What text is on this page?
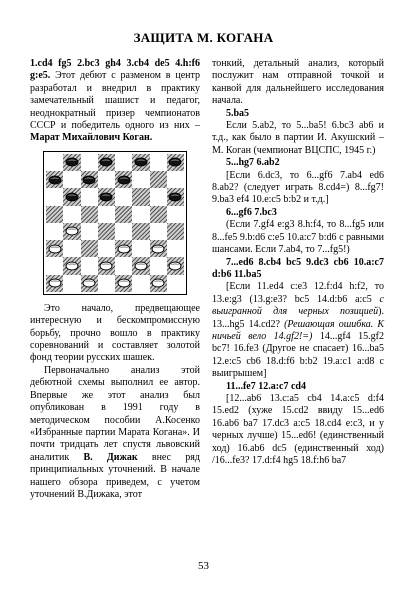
ЗАЩИТА М. КОГАНА

1.cd4 fg5 2.bc3 gh4 3.cb4 de5 4.h:f6 g:e5. Этот дебют с разменом в центр разработал и внедрил в практику замечательный шашист и педагог, неоднократный призер чемпионатов СССР и победитель одного из них – Марат Михайлович Коган.

Это начало, предвещающее интересную и бескомпромиссную борьбу, прочно вошло в практику соревнований и составляет золотой фонд теории русских шашек.

Первоначально анализ этой дебютной схемы выполнил ее автор. Впервые же этот анализ был опубликован в 1991 году в методическом пособии А.Косенко «Избранные партии Марата Когана». И почти тридцать лет спустя львовский аналитик В. Дижак внес ряд принципиальных уточнений. В начале нашего обзора приведем, с учетом уточнений В.Дижака, этот

тонкий, детальный анализ, который послужит нам отправной точкой и канвой для дальнейшего исследования начала.

5.ba5

Если 5.ab2, то 5...ba5! 6.bc3 ab6 и т.д., как было в партии И. Акушский – М. Коган (чемпионат ВЦСПС, 1945 г.)

5...hg7 6.ab2

[Если 6.dc3, то 6...gf6 7.ab4 ed6 8.ab2? (следует играть 8.cd4=) 8...fg7! 9.ba3 ef4 10.e:c5 b:b2 и т.д.]

6...gf6 7.bc3

(Если 7.gf4 e:g3 8.h:f4, то 8...fg5 или 8...fe5 9.b:d6 c:e5 10.a:c7 b:d6 с равными шансами. Если 7.ab4, то 7...fg5!)

7...ed6 8.cb4 bc5 9.dc3 cb6 10.a:c7 d:b6 11.ba5

[Если 11.ed4 c:e3 12.f:d4 h:f2, то 13.e:g3 (13.g:e3? bc5 14.d:b6 a:c5 с выигранной для черных позицией). 13...hg5 14.cd2? (Решающая ошибка. К ничьей вело 14.gf2!=) 14...gf4 15.gf2 bc7! 16.fe3 (Другое не спасает) 16...ba5 12.e:c5 cb6 18.d:f6 b:b2 19.a:c1 a:d8 с выигрышем]

11...fe7 12.a:c7 cd4

[12...ab6 13.c:a5 cb4 14.a:c5 d:f4 15.ed2 (хуже 15.cd2 ввиду 15...ed6 16.ab6 ba7 17.dc3 a:c5 18.cd4 e:c3, и у черных лучше) 15...ed6! (единственный ход) 16.ab6 dc5 (единственный ход) /16...fe3? 17.d:f4 hg5 18.f:h6 ba7

53
